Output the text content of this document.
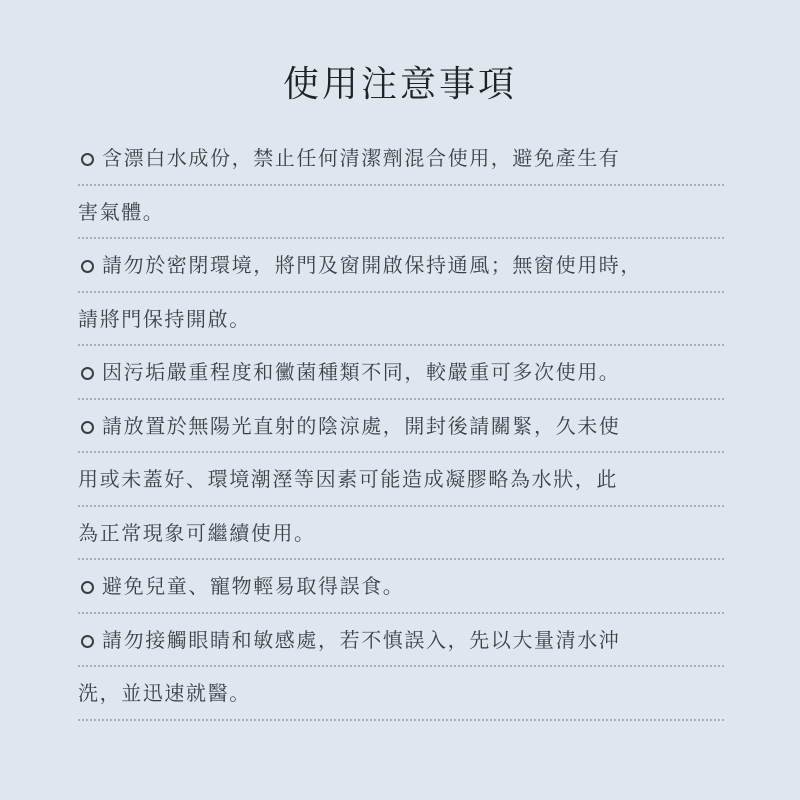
使用注意事項
含漂白水成份，禁止任何清潔劑混合使用，避免產生有
害氣體。
請勿於密閉環境，將門及窗開啟保持通風；無窗使用時，
請將門保持開啟。
因污垢嚴重程度和黴菌種類不同，較嚴重可多次使用。
請放置於無陽光直射的陰涼處，開封後請關緊，久未使
用或未蓋好、環境潮溼等因素可能造成凝膠略為水狀，此
為正常現象可繼續使用。
避免兒童、寵物輕易取得誤食。
請勿接觸眼睛和敏感處，若不慎誤入，先以大量清水沖
洗，並迅速就醫。
